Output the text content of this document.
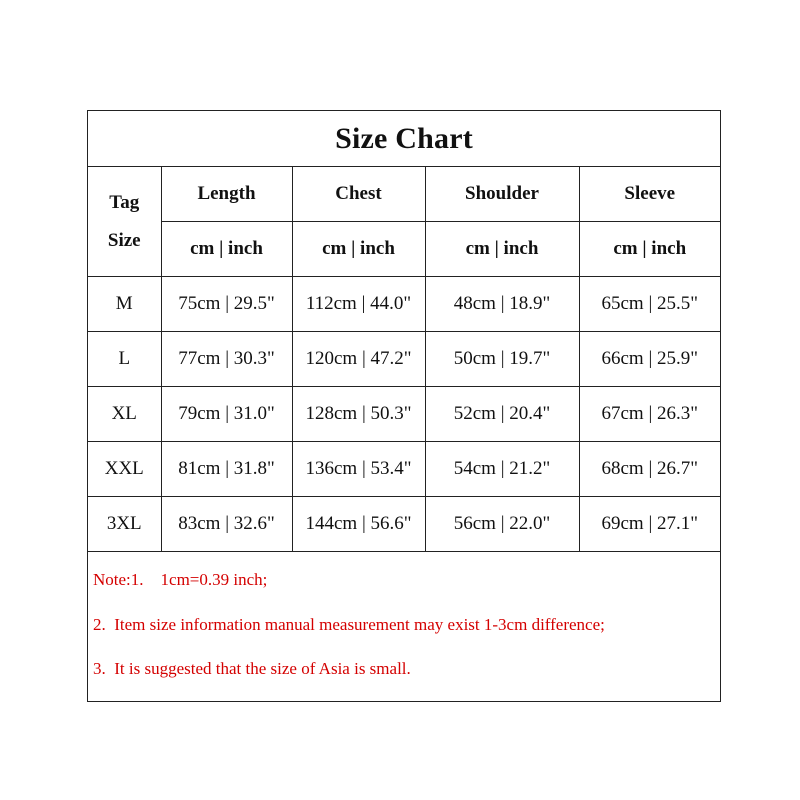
Size Chart
Tag
Size	Length	Chest	Shoulder	Sleeve
	cm | inch	cm | inch	cm | inch	cm | inch
M	75cm | 29.5"	112cm | 44.0"	48cm | 18.9"	65cm | 25.5"
L	77cm | 30.3"	120cm | 47.2"	50cm | 19.7"	66cm | 25.9"
XL	79cm | 31.0"	128cm | 50.3"	52cm | 20.4"	67cm | 26.3"
XXL	81cm | 31.8"	136cm | 53.4"	54cm | 21.2"	68cm | 26.7"
3XL	83cm | 32.6"	144cm | 56.6"	56cm | 22.0"	69cm | 27.1"
Note:1.    1cm=0.39 inch;
2.  Item size information manual measurement may exist 1-3cm difference;
3.  It is suggested that the size of Asia is small.
